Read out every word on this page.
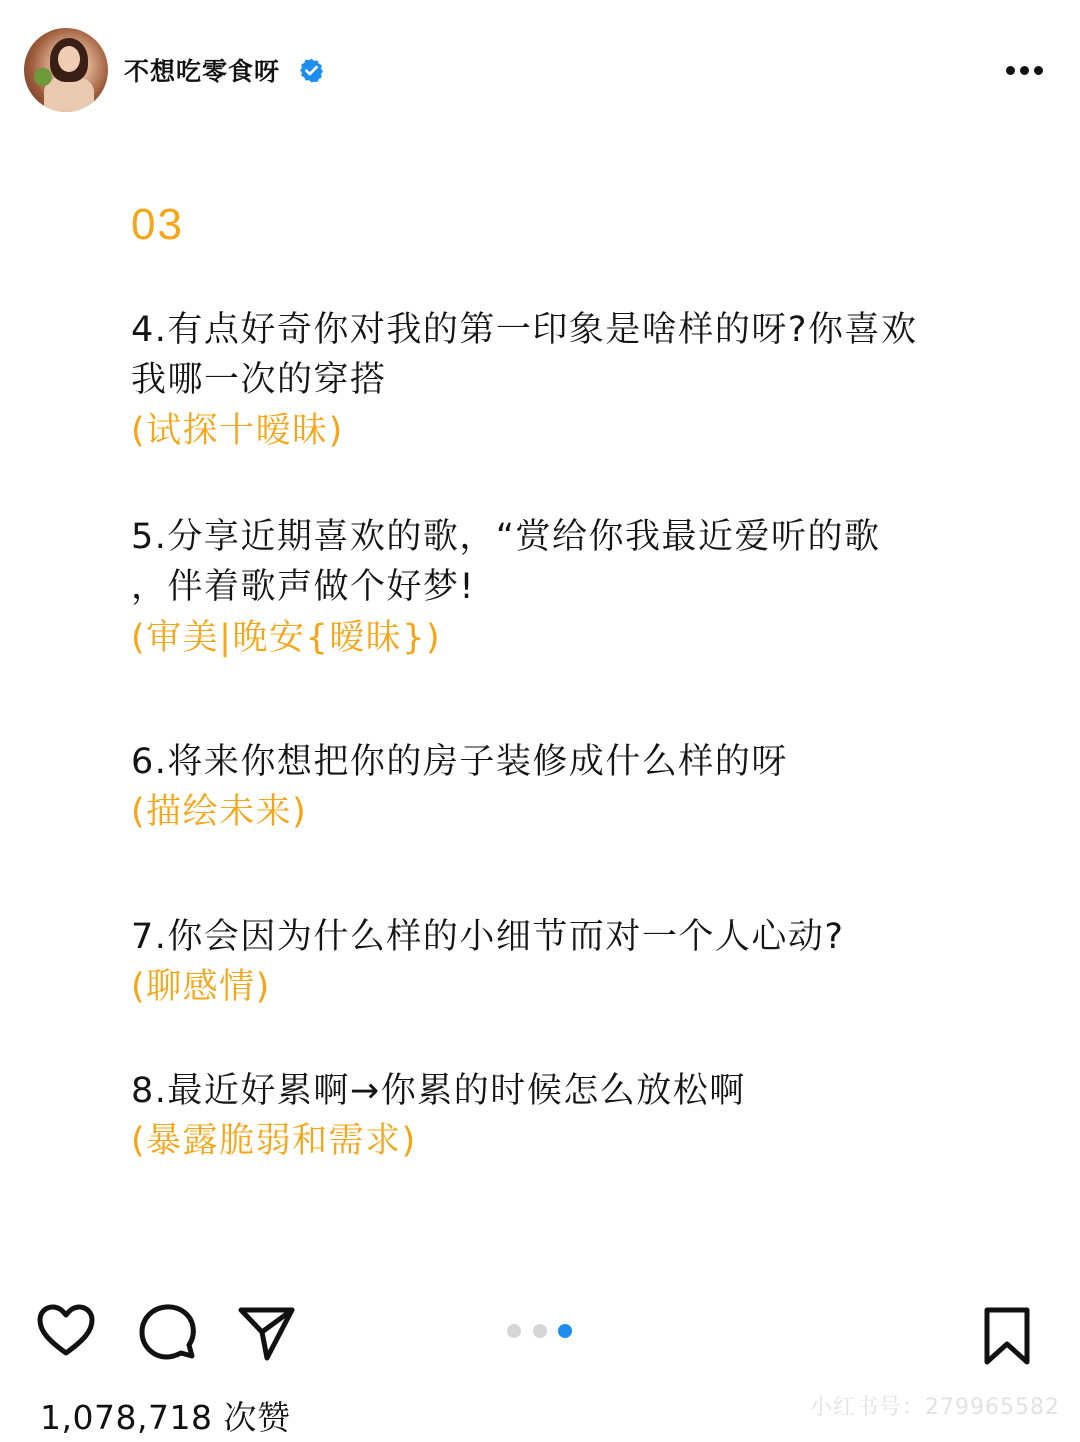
不想吃零食呀
03

4.有点好奇你对我的第一印象是啥样的呀?你喜欢
我哪一次的穿搭

(试探十暧昧)

5.分享近期喜欢的歌，“赏给你我最近爱听的歌
，伴着歌声做个好梦!

(审美|晚安{暧昧})

6.将来你想把你的房子装修成什么样的呀

(描绘未来)

7.你会因为什么样的小细节而对一个人心动?

(聊感情)

8.最近好累啊→你累的时候怎么放松啊

(暴露脆弱和需求)
1,078,718 次赞	小红书号：279965582
